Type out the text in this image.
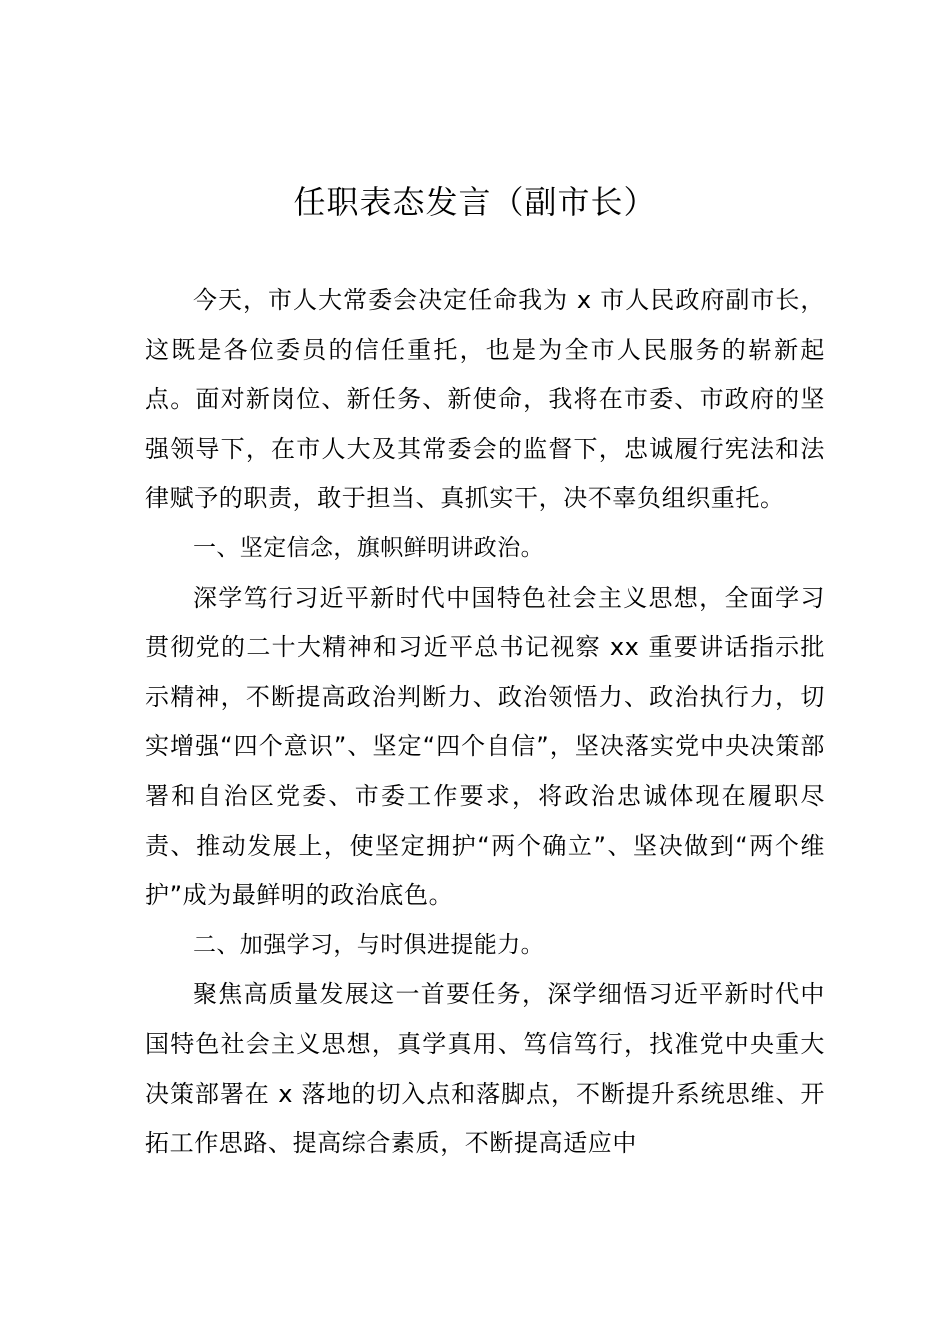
任职表态发言（副市长）

今天，市人大常委会决定任命我为 x 市人民政府副市长，这既是各位委员的信任重托，也是为全市人民服务的崭新起点。面对新岗位、新任务、新使命，我将在市委、市政府的坚强领导下，在市人大及其常委会的监督下，忠诚履行宪法和法律赋予的职责，敢于担当、真抓实干，决不辜负组织重托。

一、坚定信念，旗帜鲜明讲政治。

深学笃行习近平新时代中国特色社会主义思想，全面学习贯彻党的二十大精神和习近平总书记视察 xx 重要讲话指示批示精神，不断提高政治判断力、政治领悟力、政治执行力，切实增强“四个意识”、坚定“四个自信”，坚决落实党中央决策部署和自治区党委、市委工作要求，将政治忠诚体现在履职尽责、推动发展上，使坚定拥护“两个确立”、坚决做到“两个维护”成为最鲜明的政治底色。

二、加强学习，与时俱进提能力。

聚焦高质量发展这一首要任务，深学细悟习近平新时代中国特色社会主义思想，真学真用、笃信笃行，找准党中央重大决策部署在 x 落地的切入点和落脚点，不断提升系统思维、开拓工作思路、提高综合素质，不断提高适应中
